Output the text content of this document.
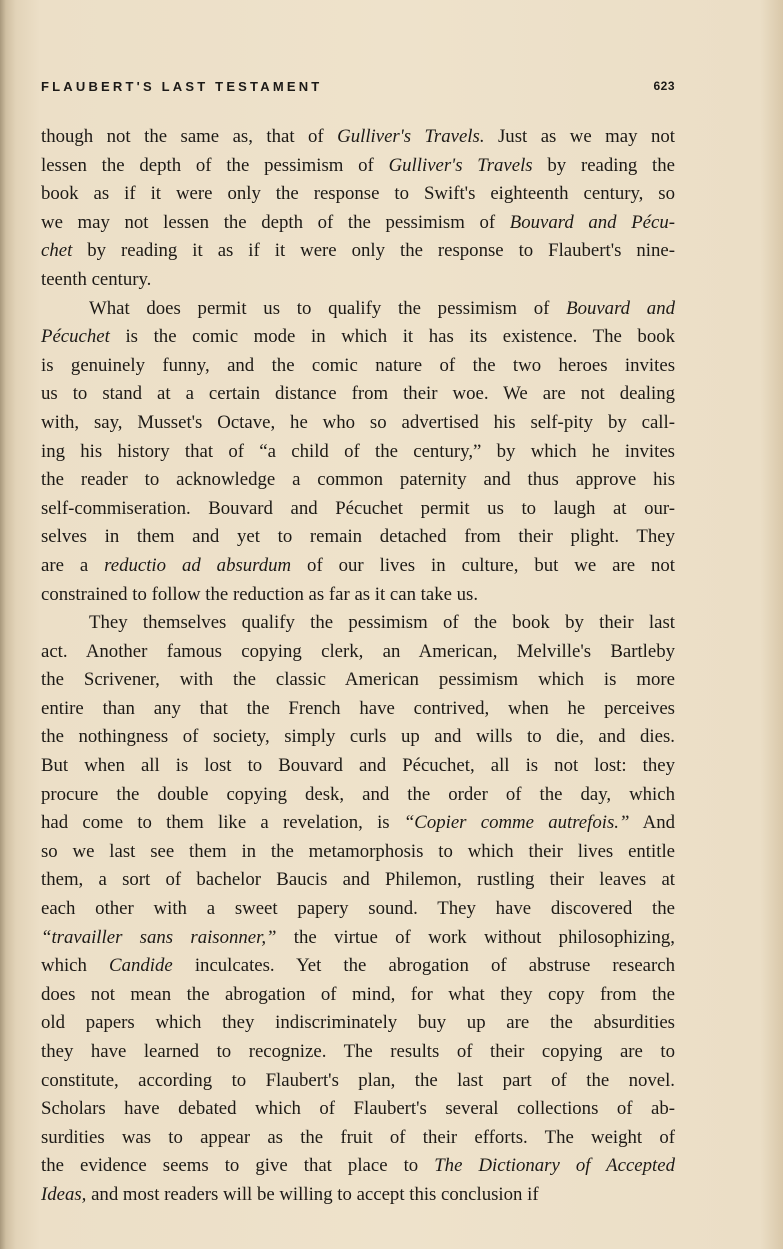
FLAUBERT'S LAST TESTAMENT	623
though not the same as, that of Gulliver's Travels. Just as we may not
lessen the depth of the pessimism of Gulliver's Travels by reading the
book as if it were only the response to Swift's eighteenth century, so
we may not lessen the depth of the pessimism of Bouvard and Pécu-
chet by reading it as if it were only the response to Flaubert's nine-
teenth century.
What does permit us to qualify the pessimism of Bouvard and
Pécuchet is the comic mode in which it has its existence. The book
is genuinely funny, and the comic nature of the two heroes invites
us to stand at a certain distance from their woe. We are not dealing
with, say, Musset's Octave, he who so advertised his self-pity by call-
ing his history that of “a child of the century,” by which he invites
the reader to acknowledge a common paternity and thus approve his
self-commiseration. Bouvard and Pécuchet permit us to laugh at our-
selves in them and yet to remain detached from their plight. They
are a reductio ad absurdum of our lives in culture, but we are not
constrained to follow the reduction as far as it can take us.
They themselves qualify the pessimism of the book by their last
act. Another famous copying clerk, an American, Melville's Bartleby
the Scrivener, with the classic American pessimism which is more
entire than any that the French have contrived, when he perceives
the nothingness of society, simply curls up and wills to die, and dies.
But when all is lost to Bouvard and Pécuchet, all is not lost: they
procure the double copying desk, and the order of the day, which
had come to them like a revelation, is “Copier comme autrefois.” And
so we last see them in the metamorphosis to which their lives entitle
them, a sort of bachelor Baucis and Philemon, rustling their leaves at
each other with a sweet papery sound. They have discovered the
“travailler sans raisonner,” the virtue of work without philosophizing,
which Candide inculcates. Yet the abrogation of abstruse research
does not mean the abrogation of mind, for what they copy from the
old papers which they indiscriminately buy up are the absurdities
they have learned to recognize. The results of their copying are to
constitute, according to Flaubert's plan, the last part of the novel.
Scholars have debated which of Flaubert's several collections of ab-
surdities was to appear as the fruit of their efforts. The weight of
the evidence seems to give that place to The Dictionary of Accepted
Ideas, and most readers will be willing to accept this conclusion if
